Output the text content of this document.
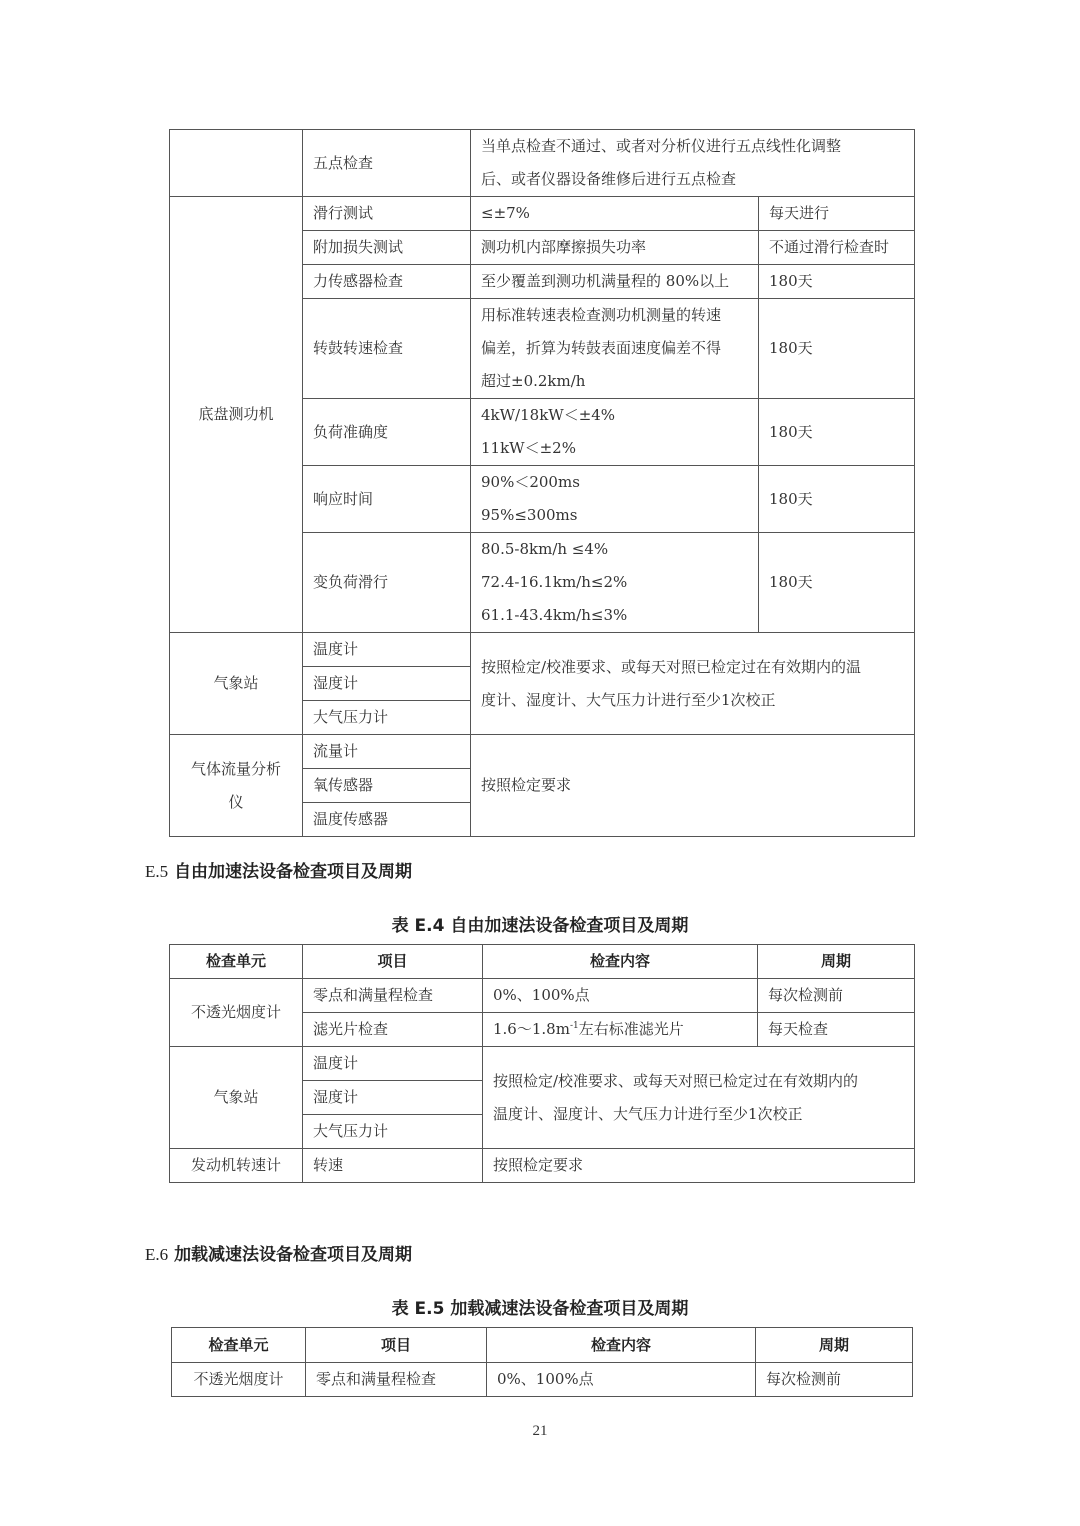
	五点检查	当单点检查不通过、或者对分析仪进行五点线性化调整
后、或者仪器设备维修后进行五点检查	

底盘测功机	滑行测试	≤±7%	每天进行
	附加损失测试	测功机内部摩擦损失功率	不通过滑行检查时
	力传感器检查	至少覆盖到测功机满量程的 80%以上	180天
	转鼓转速检查	用标准转速表检查测功机测量的转速
偏差，折算为转鼓表面速度偏差不得
超过±0.2km/h	180天
	负荷准确度	4kW/18kW＜±4%
11kW＜±2%	180天
	响应时间	90%＜200ms
95%≤300ms	180天
	变负荷滑行	80.5-8km/h ≤4%
72.4-16.1km/h≤2%
61.1-43.4km/h≤3%	180天
气象站	温度计	按照检定/校准要求、或每天对照已检定过在有效期内的温
度计、湿度计、大气压力计进行至少1次校正	

	湿度计		
	大气压力计		

气体流量分析
仪	流量计	按照检定要求	
	氧传感器		
	温度传感器		
E.5 自由加速法设备检查项目及周期
表 E.4 自由加速法设备检查项目及周期
检查单元	项目	检查内容	周期
不透光烟度计	零点和满量程检查	0%、100%点	每次检测前
	滤光片检查	$1.6\sim 1.8m^{-1}$左右标准滤光片	每天检查
气象站	温度计	按照检定/校准要求、或每天对照已检定过在有效期内的
温度计、湿度计、大气压力计进行至少1次校正	

	湿度计		
	大气压力计		
发动机转速计	转速	按照检定要求	
E.6 加载减速法设备检查项目及周期
表 E.5 加载减速法设备检查项目及周期
检查单元	项目	检查内容	周期
不透光烟度计	零点和满量程检查	0%、100%点	每次检测前
21
